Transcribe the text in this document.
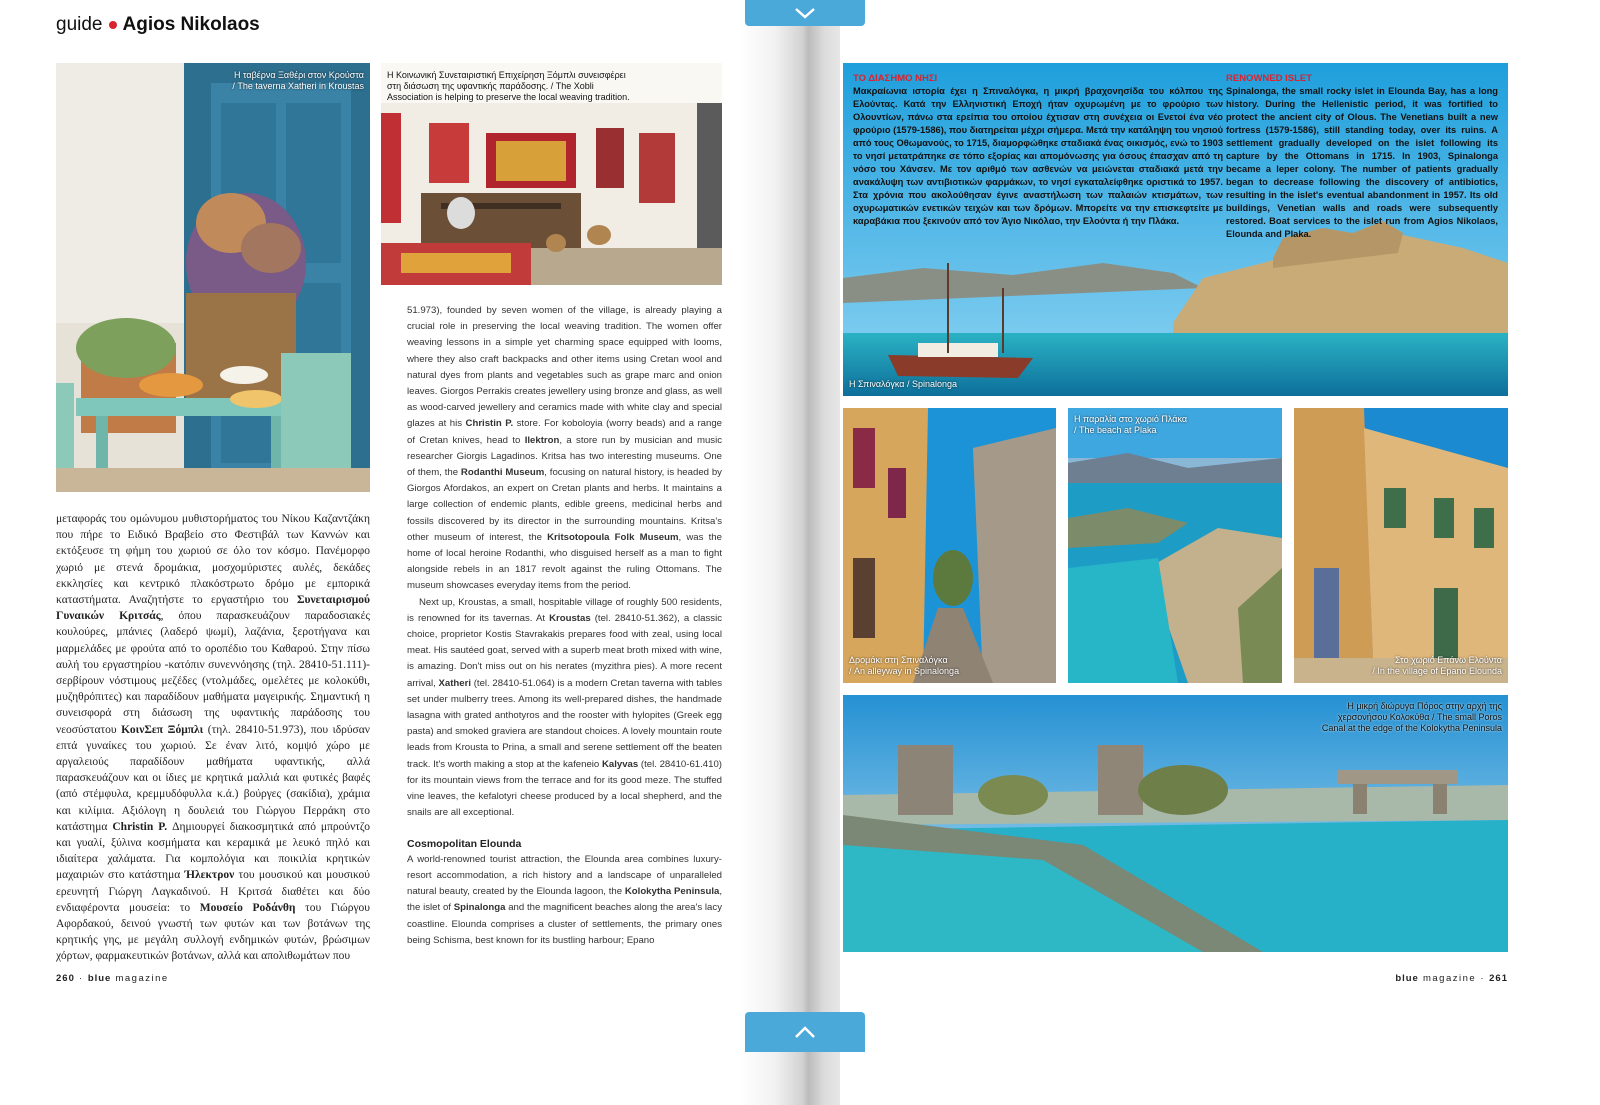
guide Agios Nikolaos
Η ταβέρνα Ξαθέρι στον Κρούστα
/ The taverna Xatheri in Kroustas
Η Κοινωνική Συνεταιριστική Επιχείρηση Ξόμπλι συνεισφέρει
στη διάσωση της υφαντικής παράδοσης. / The Xobli
Association is helping to preserve the local weaving tradition.

μεταφοράς του ομώνυμου μυθιστορήματος του Νίκου Καζαντζάκη που πήρε το Ειδικό Βραβείο στο Φεστιβάλ των Καννών και εκτόξευσε τη φήμη του χωριού σε όλο τον κόσμο. Πανέμορφο χωριό με στενά δρομάκια, μοσχομύριστες αυλές, δεκάδες εκκλησίες και κεντρικό πλακόστρωτο δρόμο με εμπορικά καταστήματα. Αναζητήστε το εργαστήριο του Συνεταιρισμού Γυναικών Κριτσάς, όπου παρασκευάζουν παραδοσιακές κουλούρες, μπάνιες (λαδερό ψωμί), λαζάνια, ξεροτήγανα και μαρμελάδες με φρούτα από το οροπέδιο του Καθαρού. Στην πίσω αυλή του εργαστηρίου -κατόπιν συνεννόησης (τηλ. 28410-51.111)- σερβίρουν νόστιμους μεζέδες (ντολμάδες, ομελέτες με κολοκύθι, μυζηθρόπιτες) και παραδίδουν μαθήματα μαγειρικής. Σημαντική η συνεισφορά στη διάσωση της υφαντικής παράδοσης του νεοσύστατου ΚοινΣεπ Ξόμπλι (τηλ. 28410-51.973), που ιδρύσαν επτά γυναίκες του χωριού. Σε έναν λιτό, κομψό χώρο με αργαλειούς παραδίδουν μαθήματα υφαντικής, αλλά παρασκευάζουν και οι ίδιες με κρητικά μαλλιά και φυτικές βαφές (από στέμφυλα, κρεμμυδόφυλλα κ.ά.) βούργες (σακίδια), χράμια και κιλίμια. Αξιόλογη η δουλειά του Γιώργου Περράκη στο κατάστημα Christin P. Δημιουργεί διακοσμητικά από μπρούντζο και γυαλί, ξύλινα κοσμήματα και κεραμικά με λευκό πηλό και ιδιαίτερα χαλάματα. Για κομπολόγια και ποικιλία κρητικών μαχαιριών στο κατάστημα Ήλεκτρον του μουσικού και μουσικού ερευνητή Γιώργη Λαγκαδινού. Η Κριτσά διαθέτει και δύο ενδιαφέροντα μουσεία: το Μουσείο Ροδάνθη του Γιώργου Αφορδακού, δεινού γνωστή των φυτών και των βοτάνων της κρητικής γης, με μεγάλη συλλογή ενδημικών φυτών, βρώσιμων χόρτων, φαρμακευτικών βοτάνων, αλλά και απολιθωμάτων που

51.973), founded by seven women of the village, is already playing a crucial role in preserving the local weaving tradition. The women offer weaving lessons in a simple yet charming space equipped with looms, where they also craft backpacks and other items using Cretan wool and natural dyes from plants and vegetables such as grape marc and onion leaves. Giorgos Perrakis creates jewellery using bronze and glass, as well as wood-carved jewellery and ceramics made with white clay and special glazes at his Christin P. store. For koboloyia (worry beads) and a range of Cretan knives, head to Ilektron, a store run by musician and music researcher Giorgis Lagadinos. Kritsa has two interesting museums. One of them, the Rodanthi Museum, focusing on natural history, is headed by Giorgos Afordakos, an expert on Cretan plants and herbs. It maintains a large collection of endemic plants, edible greens, medicinal herbs and fossils discovered by its director in the surrounding mountains. Kritsa's other museum of interest, the Kritsotopoula Folk Museum, was the home of local heroine Rodanthi, who disguised herself as a man to fight alongside rebels in an 1817 revolt against the ruling Ottomans. The museum showcases everyday items from the period.

Next up, Kroustas, a small, hospitable village of roughly 500 residents, is renowned for its tavernas. At Kroustas (tel. 28410-51.362), a classic choice, proprietor Kostis Stavrakakis prepares food with zeal, using local meat. His sautéed goat, served with a superb meat broth mixed with wine, is amazing. Don't miss out on his nerates (myzithra pies). A more recent arrival, Xatheri (tel. 28410-51.064) is a modern Cretan taverna with tables set under mulberry trees. Among its well-prepared dishes, the handmade lasagna with grated anthotyros and the rooster with hylopites (Greek egg pasta) and smoked graviera are standout choices. A lovely mountain route leads from Krousta to Prina, a small and serene settlement off the beaten track. It's worth making a stop at the kafeneio Kalyvas (tel. 28410-61.410) for its mountain views from the terrace and for its good meze. The stuffed vine leaves, the kefalotyri cheese produced by a local shepherd, and the snails are all exceptional.

Cosmopolitan Elounda

A world-renowned tourist attraction, the Elounda area combines luxury-resort accommodation, a rich history and a landscape of unparalleled natural beauty, created by the Elounda lagoon, the Kolokytha Peninsula, the islet of Spinalonga and the magnificent beaches along the area's lacy coastline. Elounda comprises a cluster of settlements, the primary ones being Schisma, best known for its bustling harbour; Epano

260 · blue magazine
Η Σπιναλόγκα / Spinalonga
ΤΟ ΔΙΑΣΗΜΟ ΝΗΣΙ
Μακραίωνια ιστορία έχει η Σπιναλόγκα, η μικρή βραχονησίδα του κόλπου της Ελούντας. Κατά την Ελληνιστική Εποχή ήταν οχυρωμένη με το φρούριο των Ολουντίων, πάνω στα ερείπια του οποίου έχτισαν στη συνέχεια οι Ενετοί ένα νέο φρούριο (1579-1586), που διατηρείται μέχρι σήμερα. Μετά την κατάληψη του νησιού από τους Οθωμανούς, το 1715, διαμορφώθηκε σταδιακά ένας οικισμός, ενώ το 1903 το νησί μετατράπηκε σε τόπο εξορίας και απομόνωσης για όσους έπασχαν από τη νόσο του Χάνσεν. Με τον αριθμό των ασθενών να μειώνεται σταδιακά μετά την ανακάλυψη των αντιβιοτικών φαρμάκων, το νησί εγκαταλείφθηκε οριστικά το 1957. Στα χρόνια που ακολούθησαν έγινε αναστήλωση των παλαιών κτισμάτων, των οχυρωματικών ενετικών τειχών και των δρόμων. Μπορείτε να την επισκεφτείτε με καραβάκια που ξεκινούν από τον Άγιο Νικόλαο, την Ελούντα ή την Πλάκα.
RENOWNED ISLET
Spinalonga, the small rocky islet in Elounda Bay, has a long history. During the Hellenistic period, it was fortified to protect the ancient city of Olous. The Venetians built a new fortress (1579-1586), still standing today, over its ruins. A settlement gradually developed on the islet following its capture by the Ottomans in 1715. In 1903, Spinalonga became a leper colony. The number of patients gradually began to decrease following the discovery of antibiotics, resulting in the islet's eventual abandonment in 1957. Its old buildings, Venetian walls and roads were subsequently restored. Boat services to the islet run from Agios Nikolaos, Elounda and Plaka.
Δρομάκι στη Σπιναλόγκα
/ An alleyway in Spinalonga
Η παραλία στο χωριό Πλάκα
/ The beach at Plaka
Στο χωριό Επάνω Ελούντα
/ In the village of Epano Elounda
Η μικρή διώρυγα Πόρος στην αρχή της
χερσονήσου Κολοκύθα / The small Poros
Canal at the edge of the Kolokytha Peninsula
blue magazine · 261
